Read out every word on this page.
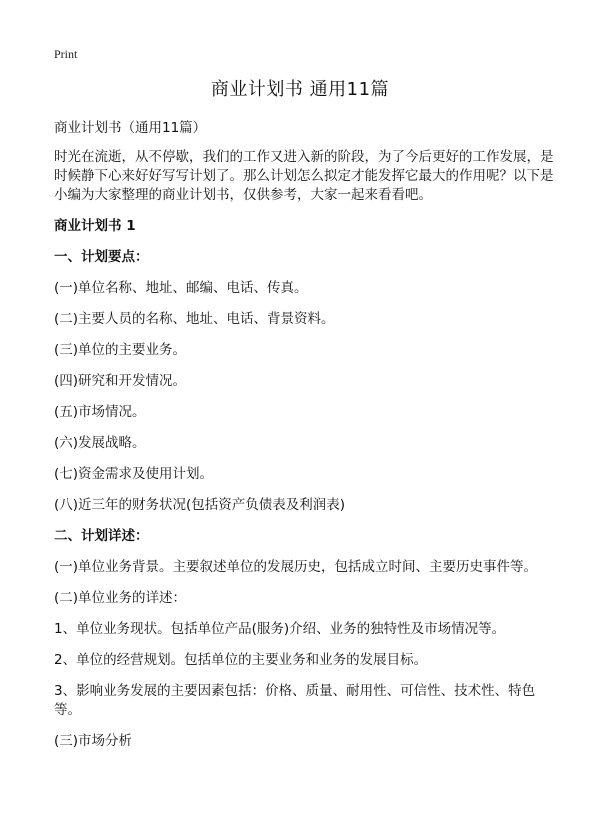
Print
商业计划书 通用11篇

商业计划书（通用11篇）

时光在流逝，从不停歇，我们的工作又进入新的阶段，为了今后更好的工作发展，是时候静下心来好好写写计划了。那么计划怎么拟定才能发挥它最大的作用呢？以下是小编为大家整理的商业计划书，仅供参考，大家一起来看看吧。

商业计划书 1

一、计划要点：

(一)单位名称、地址、邮编、电话、传真。

(二)主要人员的名称、地址、电话、背景资料。

(三)单位的主要业务。

(四)研究和开发情况。

(五)市场情况。

(六)发展战略。

(七)资金需求及使用计划。

(八)近三年的财务状况(包括资产负债表及利润表)

二、计划详述：

(一)单位业务背景。主要叙述单位的发展历史，包括成立时间、主要历史事件等。

(二)单位业务的详述：

1、单位业务现状。包括单位产品(服务)介绍、业务的独特性及市场情况等。

2、单位的经营规划。包括单位的主要业务和业务的发展目标。

3、影响业务发展的主要因素包括：价格、质量、耐用性、可信性、技术性、特色等。

(三)市场分析
